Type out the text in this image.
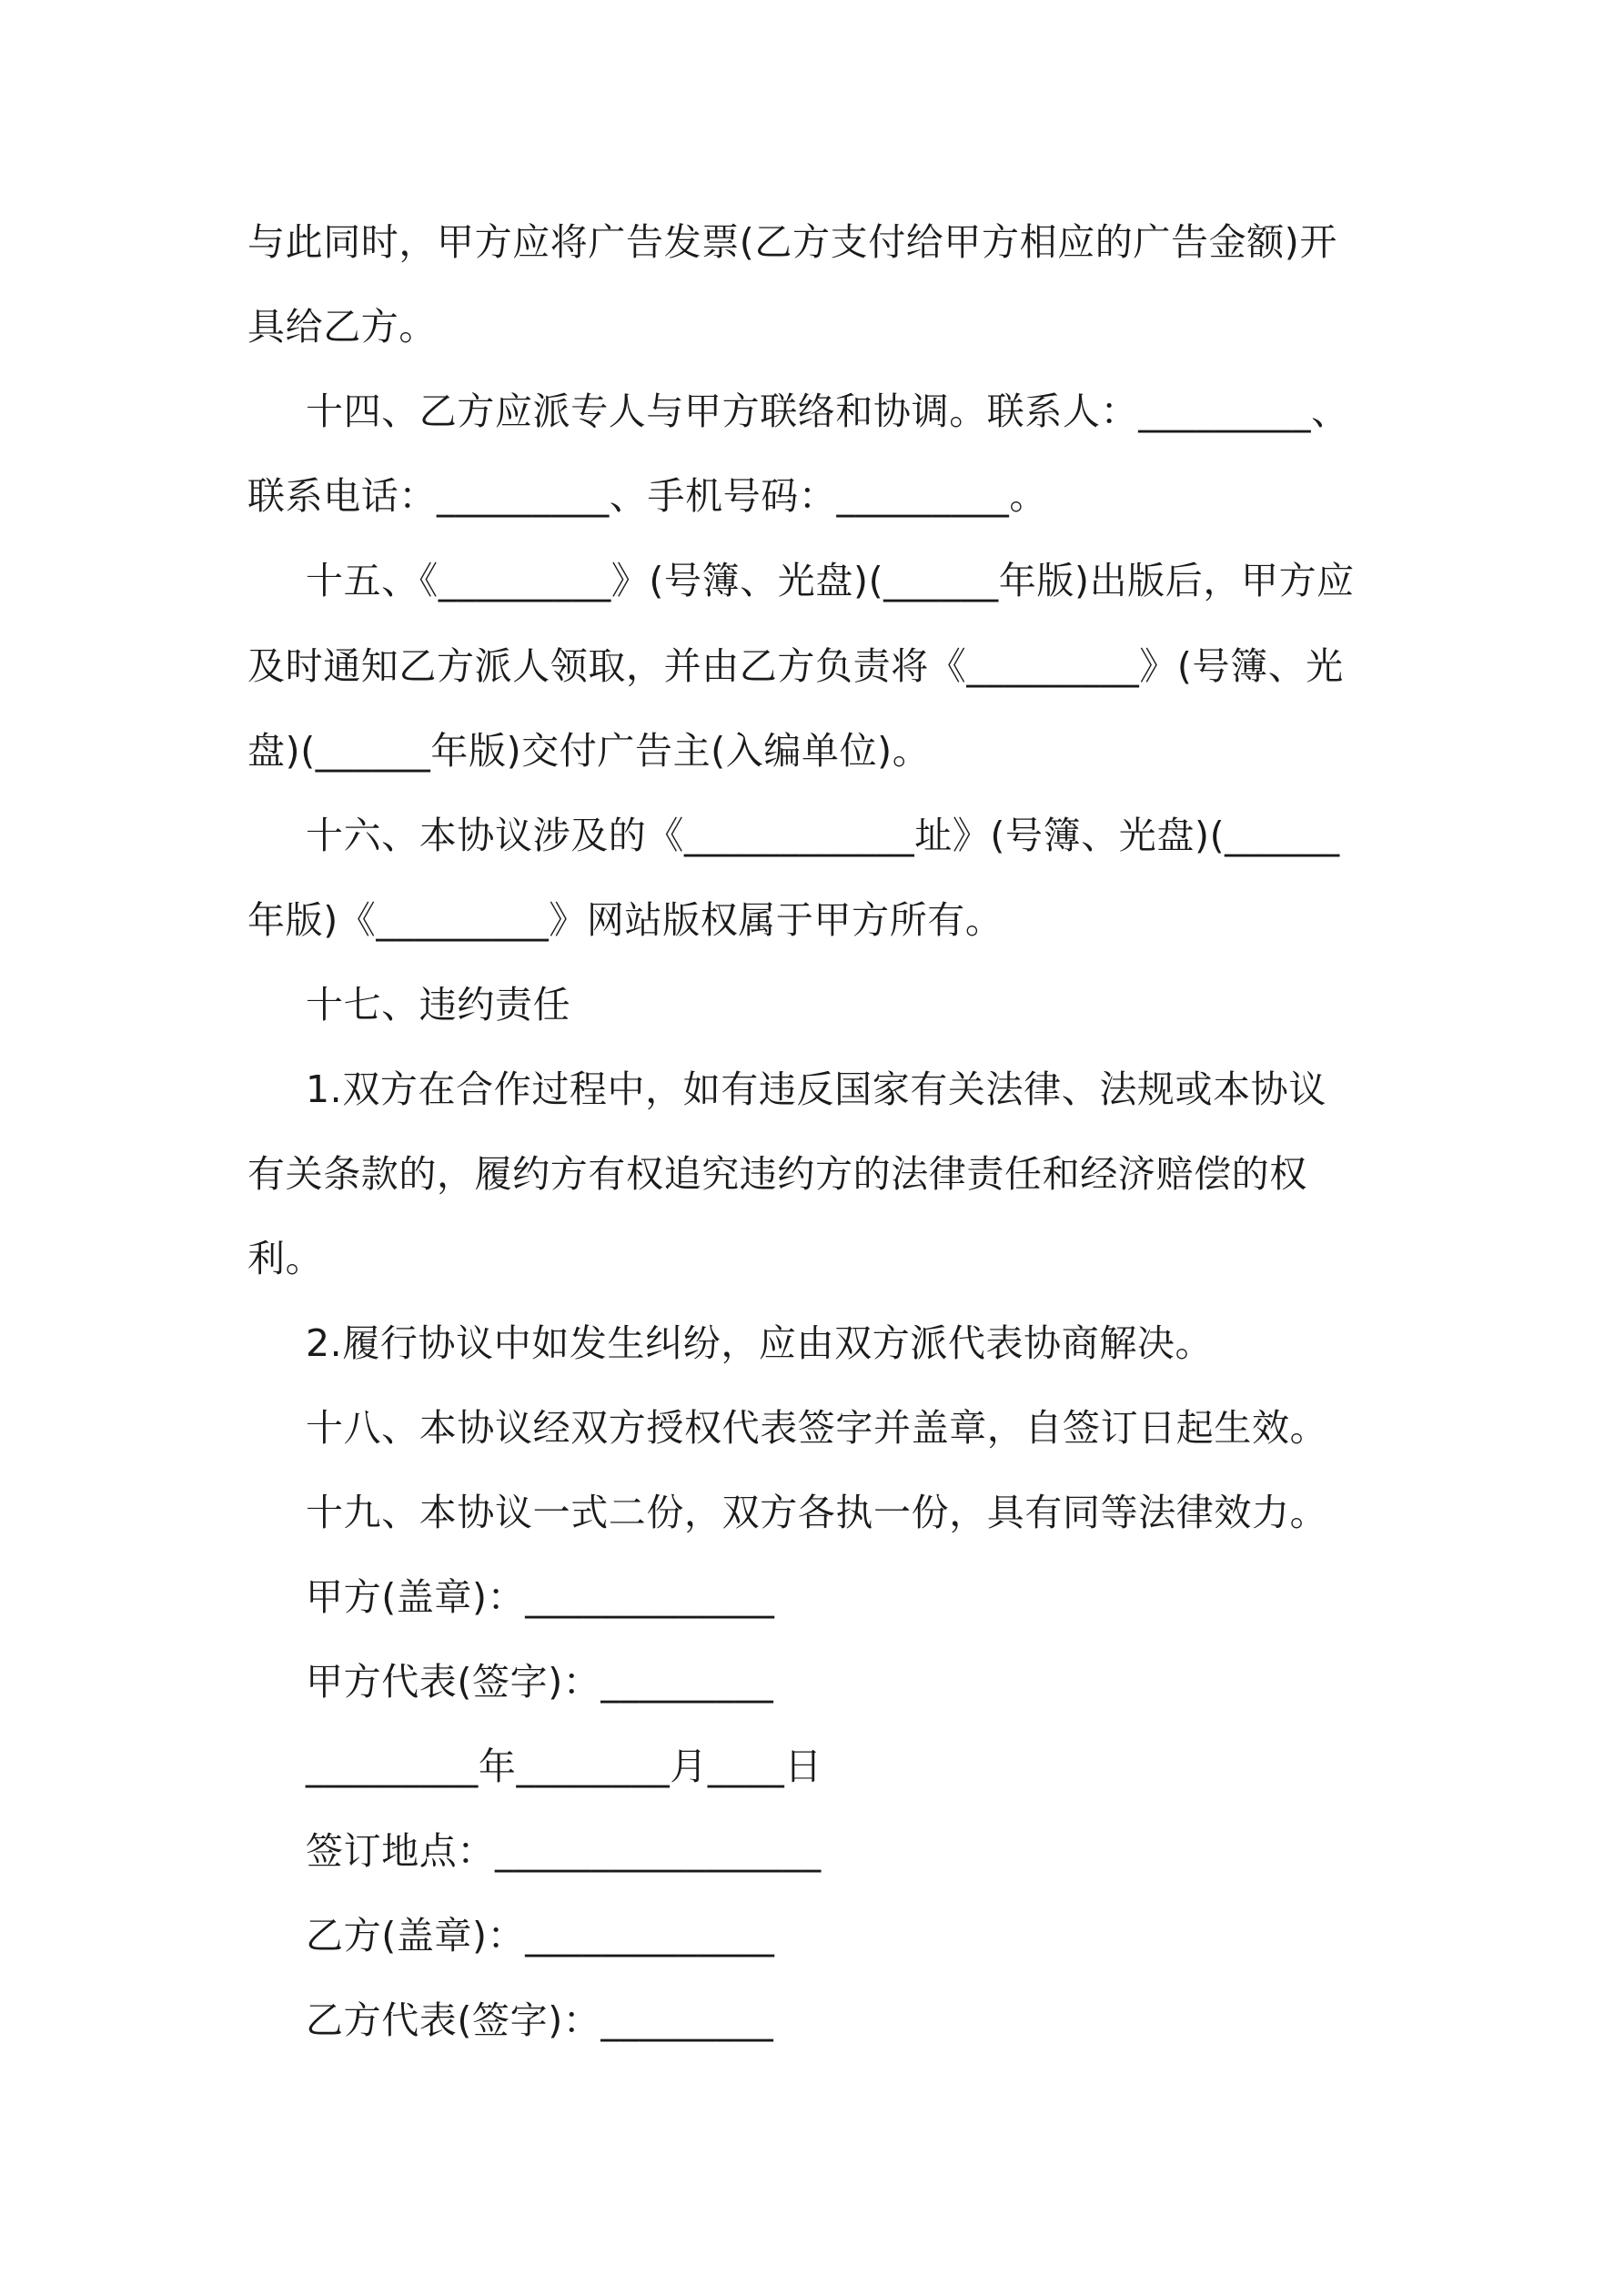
与此同时，甲方应将广告发票(乙方支付给甲方相应的广告金额)开
具给乙方。
十四、乙方应派专人与甲方联络和协调。联系人：_________、
联系电话：_________、手机号码：_________。
十五、《_________》(号簿、光盘)(______年版)出版后，甲方应
及时通知乙方派人领取，并由乙方负责将《_________》(号簿、光
盘)(______年版)交付广告主(入编单位)。
十六、本协议涉及的《____________址》(号簿、光盘)(______
年版)《_________》网站版权属于甲方所有。
十七、违约责任
1.双方在合作过程中，如有违反国家有关法律、法规或本协议
有关条款的，履约方有权追究违约方的法律责任和经济赔偿的权
利。
2.履行协议中如发生纠纷，应由双方派代表协商解决。
十八、本协议经双方授权代表签字并盖章，自签订日起生效。
十九、本协议一式二份，双方各执一份，具有同等法律效力。
甲方(盖章)：_____________
甲方代表(签字)：_________
_________年________月____日
签订地点：_________________
乙方(盖章)：_____________
乙方代表(签字)：_________
